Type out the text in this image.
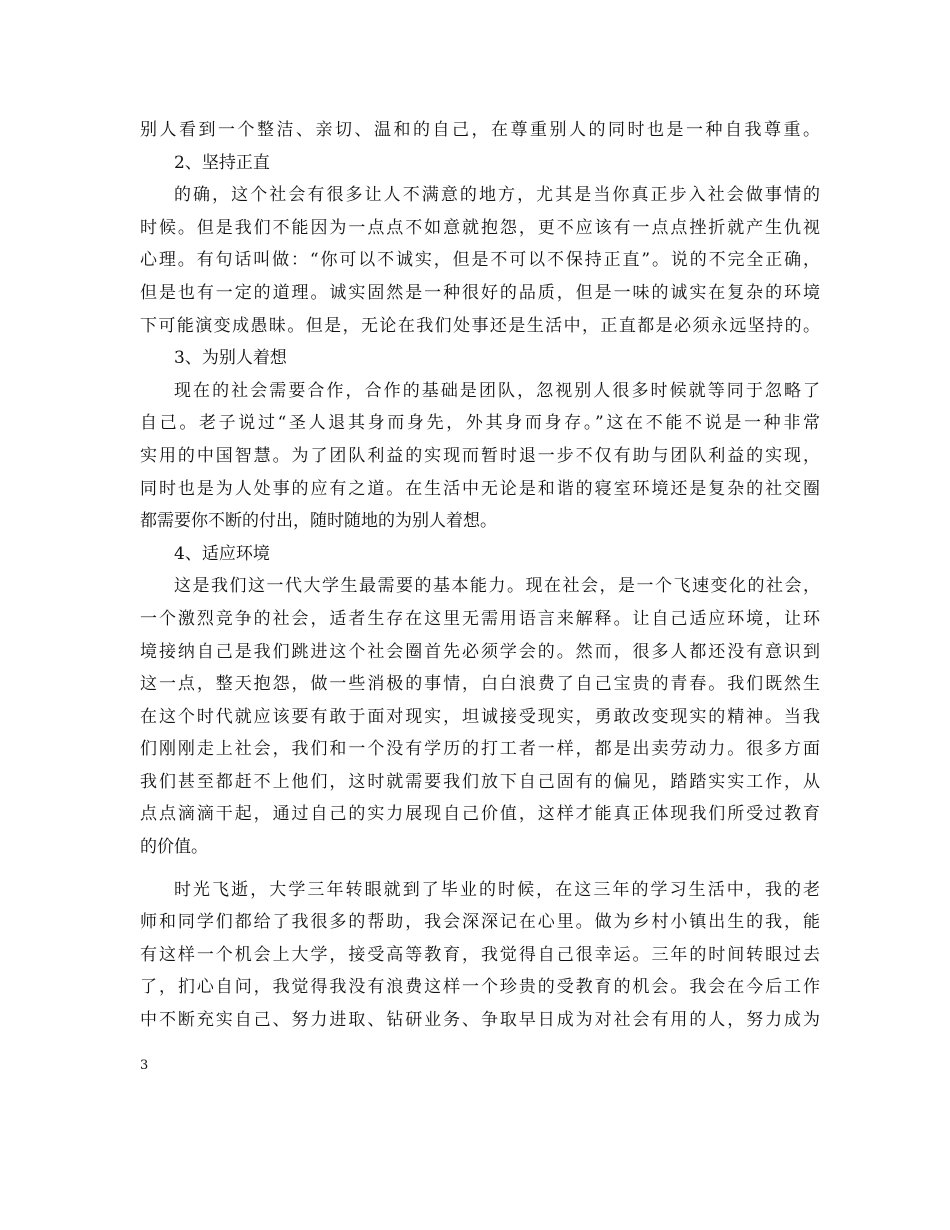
别人看到一个整洁、亲切、温和的自己，在尊重别人的同时也是一种自我尊重。
2、坚持正直
的确，这个社会有很多让人不满意的地方，尤其是当你真正步入社会做事情的
时候。但是我们不能因为一点点不如意就抱怨，更不应该有一点点挫折就产生仇视
心理。有句话叫做：“你可以不诚实，但是不可以不保持正直”。说的不完全正确，
但是也有一定的道理。诚实固然是一种很好的品质，但是一味的诚实在复杂的环境
下可能演变成愚昧。但是，无论在我们处事还是生活中，正直都是必须永远坚持的。
3、为别人着想
现在的社会需要合作，合作的基础是团队，忽视别人很多时候就等同于忽略了
自己。老子说过“圣人退其身而身先，外其身而身存。”这在不能不说是一种非常
实用的中国智慧。为了团队利益的实现而暂时退一步不仅有助与团队利益的实现，
同时也是为人处事的应有之道。在生活中无论是和谐的寝室环境还是复杂的社交圈
都需要你不断的付出，随时随地的为别人着想。
4、适应环境
这是我们这一代大学生最需要的基本能力。现在社会，是一个飞速变化的社会，
一个激烈竞争的社会，适者生存在这里无需用语言来解释。让自己适应环境，让环
境接纳自己是我们跳进这个社会圈首先必须学会的。然而，很多人都还没有意识到
这一点，整天抱怨，做一些消极的事情，白白浪费了自己宝贵的青春。我们既然生
在这个时代就应该要有敢于面对现实，坦诚接受现实，勇敢改变现实的精神。当我
们刚刚走上社会，我们和一个没有学历的打工者一样，都是出卖劳动力。很多方面
我们甚至都赶不上他们，这时就需要我们放下自己固有的偏见，踏踏实实工作，从
点点滴滴干起，通过自己的实力展现自己价值，这样才能真正体现我们所受过教育
的价值。
时光飞逝，大学三年转眼就到了毕业的时候，在这三年的学习生活中，我的老
师和同学们都给了我很多的帮助，我会深深记在心里。做为乡村小镇出生的我，能
有这样一个机会上大学，接受高等教育，我觉得自己很幸运。三年的时间转眼过去
了，扪心自问，我觉得我没有浪费这样一个珍贵的受教育的机会。我会在今后工作
中不断充实自己、努力进取、钻研业务、争取早日成为对社会有用的人，努力成为
3
